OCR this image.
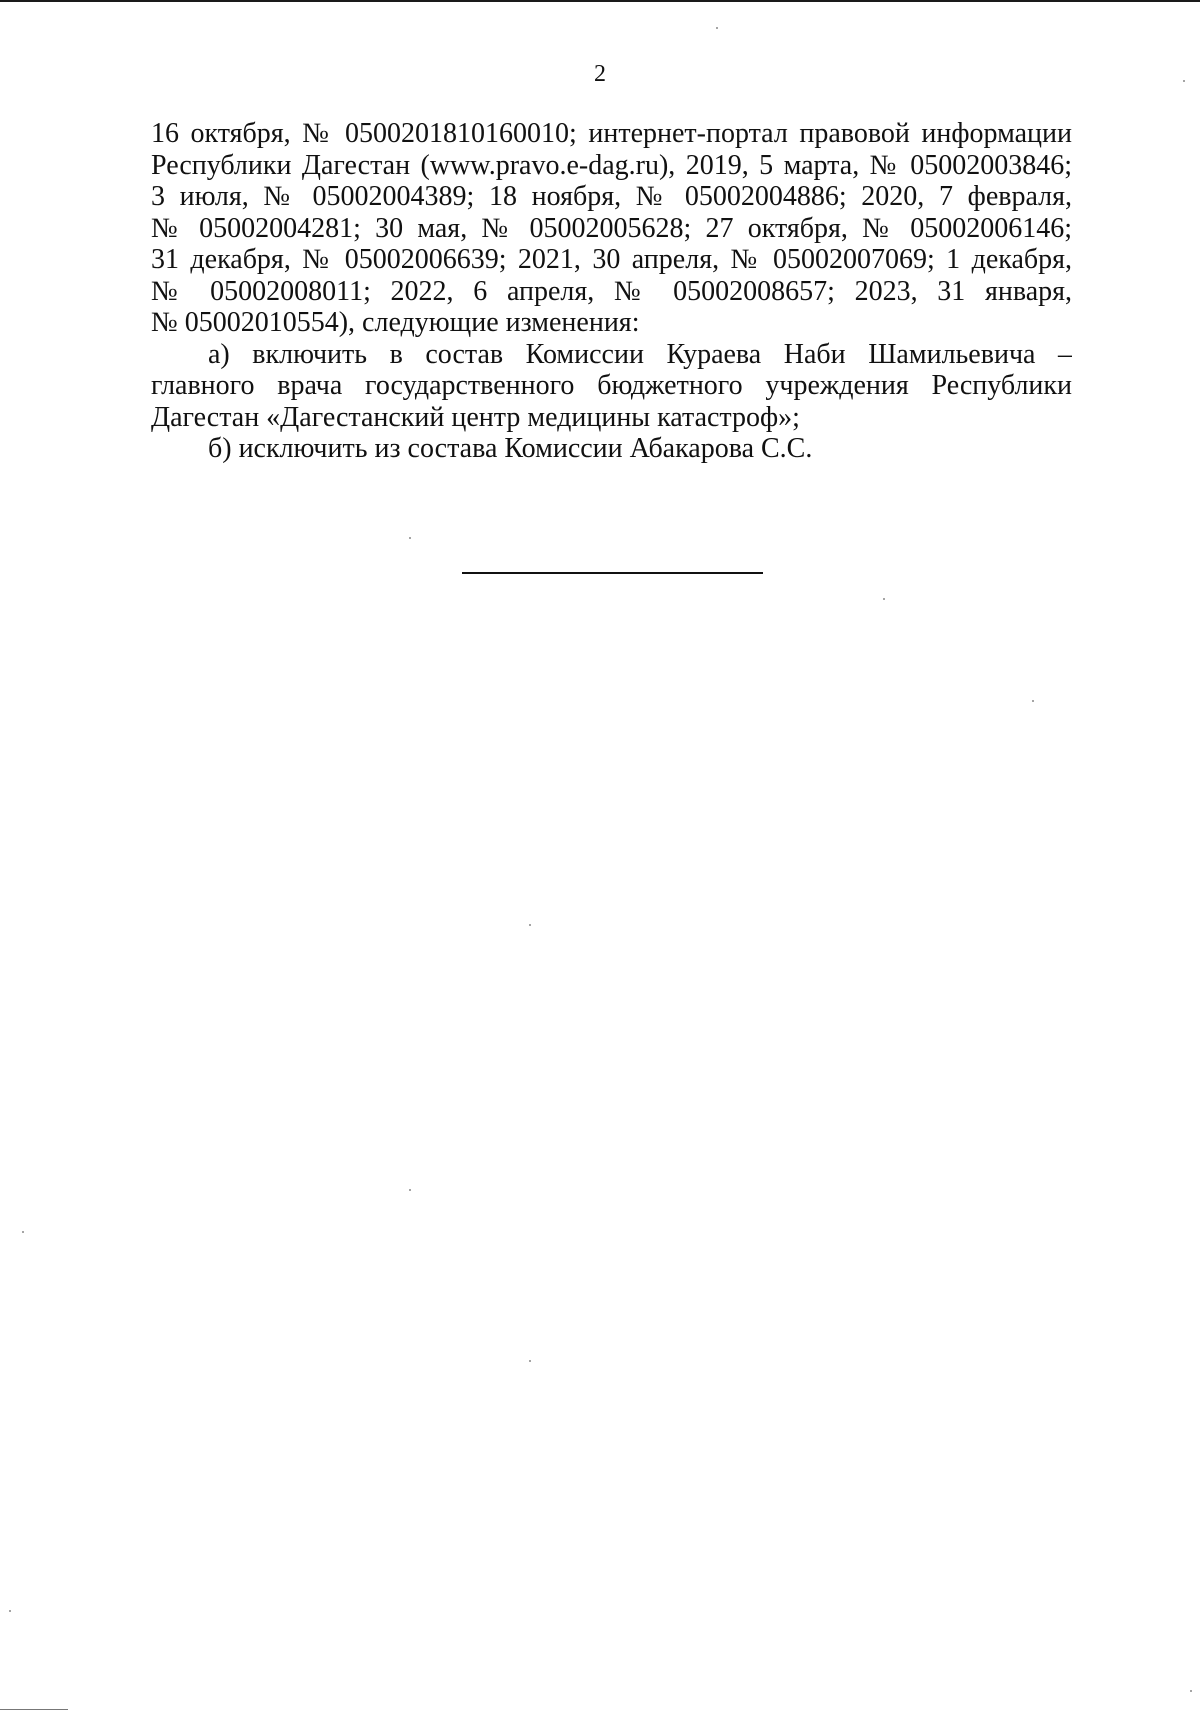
2

16 октября, № 0500201810160010; интернет-портал правовой информации
Республики Дагестан (www.pravo.e-dag.ru), 2019, 5 марта, № 05002003846;
3 июля, № 05002004389; 18 ноября, № 05002004886; 2020, 7 февраля,
№ 05002004281; 30 мая, № 05002005628; 27 октября, № 05002006146;
31 декабря, № 05002006639; 2021, 30 апреля, № 05002007069; 1 декабря,
№ 05002008011; 2022, 6 апреля, № 05002008657; 2023, 31 января,
№ 05002010554), следующие изменения:

а) включить в состав Комиссии Кураева Наби Шамильевича –
главного врача государственного бюджетного учреждения Республики
Дагестан «Дагестанский центр медицины катастроф»;

б) исключить из состава Комиссии Абакарова С.С.
